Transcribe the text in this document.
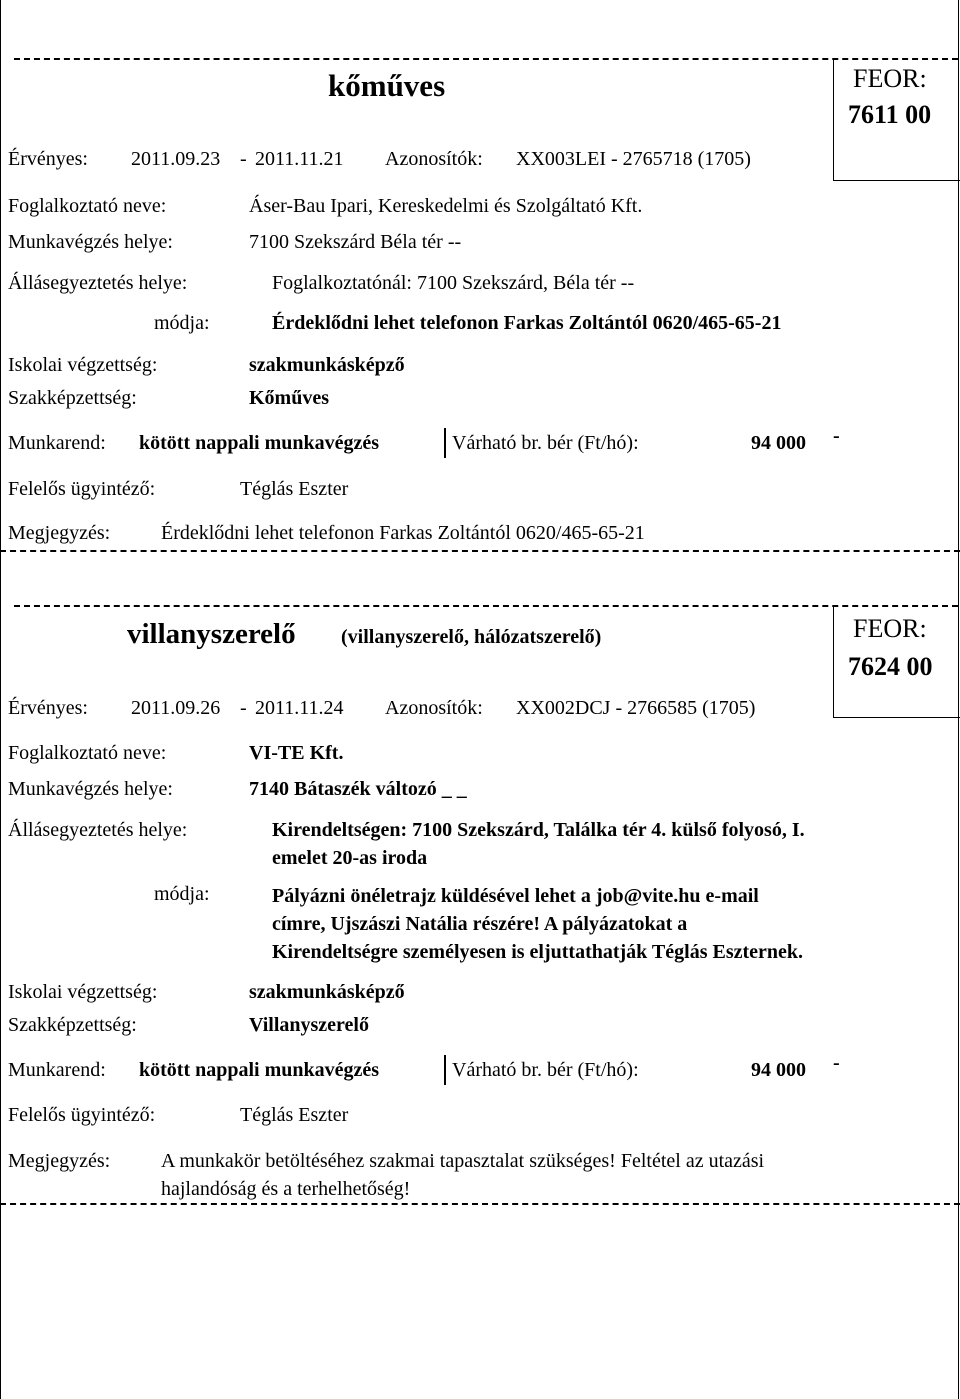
kőműves	FEOR:
7611 00
Érvényes: 2011.09.23 - 2011.11.21 Azonosítók: XX003LEI - 2765718 (1705)
Foglalkoztató neve:	Áser-Bau Ipari, Kereskedelmi és Szolgáltató Kft.
Munkavégzés helye:	7100 Szekszárd Béla tér --
Állásegyeztetés helye:	Foglalkoztatónál: 7100 Szekszárd, Béla tér --
módja:	Érdeklődni lehet telefonon Farkas Zoltántól 0620/465-65-21
Iskolai végzettség:	szakmunkásképző
Szakképzettség:	Kőműves
Munkarend: kötött nappali munkavégzés	Várható br. bér (Ft/hó):	94 000 -
Felelős ügyintéző:	Téglás Eszter
Megjegyzés:	Érdeklődni lehet telefonon Farkas Zoltántól 0620/465-65-21
villanyszerelő (villanyszerelő, hálózatszerelő)	FEOR:
7624 00
Érvényes: 2011.09.26 - 2011.11.24 Azonosítók: XX002DCJ - 2766585 (1705)
Foglalkoztató neve:	VI-TE Kft.
Munkavégzés helye:	7140 Bátaszék változó _ _
Állásegyeztetés helye:	Kirendeltségen: 7100 Szekszárd, Találka tér 4. külső folyosó, I.
emelet 20-as iroda
módja:	Pályázni önéletrajz küldésével lehet a job@vite.hu e-mail
címre, Ujszászi Natália részére! A pályázatokat a
Kirendeltségre személyesen is eljuttathatják Téglás Eszternek.
Iskolai végzettség:	szakmunkásképző
Szakképzettség:	Villanyszerelő
Munkarend: kötött nappali munkavégzés	Várható br. bér (Ft/hó):	94 000 -
Felelős ügyintéző:	Téglás Eszter
Megjegyzés:	A munkakör betöltéséhez szakmai tapasztalat szükséges! Feltétel az utazási
hajlandóság és a terhelhetőség!
